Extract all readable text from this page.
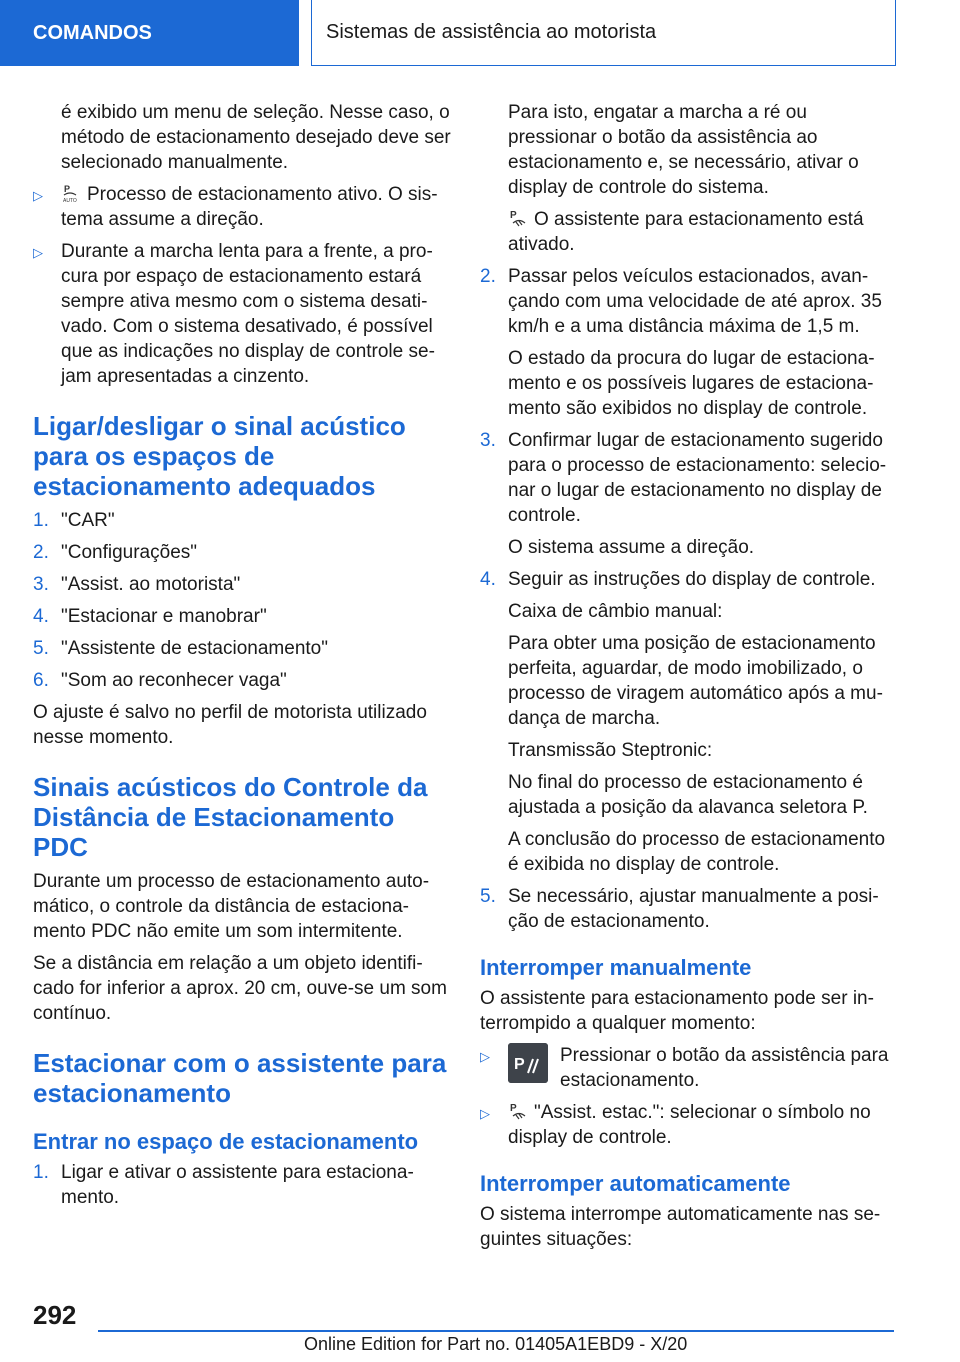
COMANDOS	Sistemas de assistência ao motorista

é exibido um menu de seleção. Nesse caso, o método de estacionamento desejado deve ser selecionado manualmente.

▷	P
AUTO Processo de estacionamento ativo. O sistema assume a direção.
▷ Durante a marcha lenta para a frente, a procura por espaço de estacionamento estará sempre ativa mesmo com o sistema desativado. Com o sistema desativado, é possível que as indicações no display de controle sejam apresentadas a cinzento.
Ligar/desligar o sinal acústico para os espaços de estacionamento adequados
1. "CAR"
2. "Configurações"
3. "Assist. ao motorista"
4. "Estacionar e manobrar"
5. "Assistente de estacionamento"
6. "Som ao reconhecer vaga"

O ajuste é salvo no perfil de motorista utilizado nesse momento.

Sinais acústicos do Controle da Distância de Estacionamento PDC

Durante um processo de estacionamento automático, o controle da distância de estacionamento PDC não emite um som intermitente.

Se a distância em relação a um objeto identificado for inferior a aprox. 20 cm, ouve-se um som contínuo.

Estacionar com o assistente para estacionamento
Entrar no espaço de estacionamento
1. Ligar e ativar o assistente para estacionamento.

Para isto, engatar a marcha a ré ou pressionar o botão da assistência ao estacionamento e, se necessário, ativar o display de controle do sistema.

P O assistente para estacionamento está ativado.

2. Passar pelos veículos estacionados, avançando com uma velocidade de até aprox. 35 km/h e a uma distância máxima de 1,5 m.

O estado da procura do lugar de estacionamento e os possíveis lugares de estacionamento são exibidos no display de controle.

3. Confirmar lugar de estacionamento sugerido para o processo de estacionamento: selecionar o lugar de estacionamento no display de controle.

O sistema assume a direção.

4. Seguir as instruções do display de controle.

Caixa de câmbio manual:

Para obter uma posição de estacionamento perfeita, aguardar, de modo imobilizado, o processo de viragem automático após a mudança de marcha.

Transmissão Steptronic:

No final do processo de estacionamento é ajustada a posição da alavanca seletora P.

A conclusão do processo de estacionamento é exibida no display de controle.

5. Se necessário, ajustar manualmente a posição de estacionamento.
Interromper manualmente

O assistente para estacionamento pode ser interrompido a qualquer momento:

▷	P Pressionar o botão da assistência para estacionamento.
▷	P "Assist. estac.": selecionar o símbolo no display de controle.
Interromper automaticamente

O sistema interrompe automaticamente nas seguintes situações:

292
Online Edition for Part no. 01405A1EBD9 - X/20
